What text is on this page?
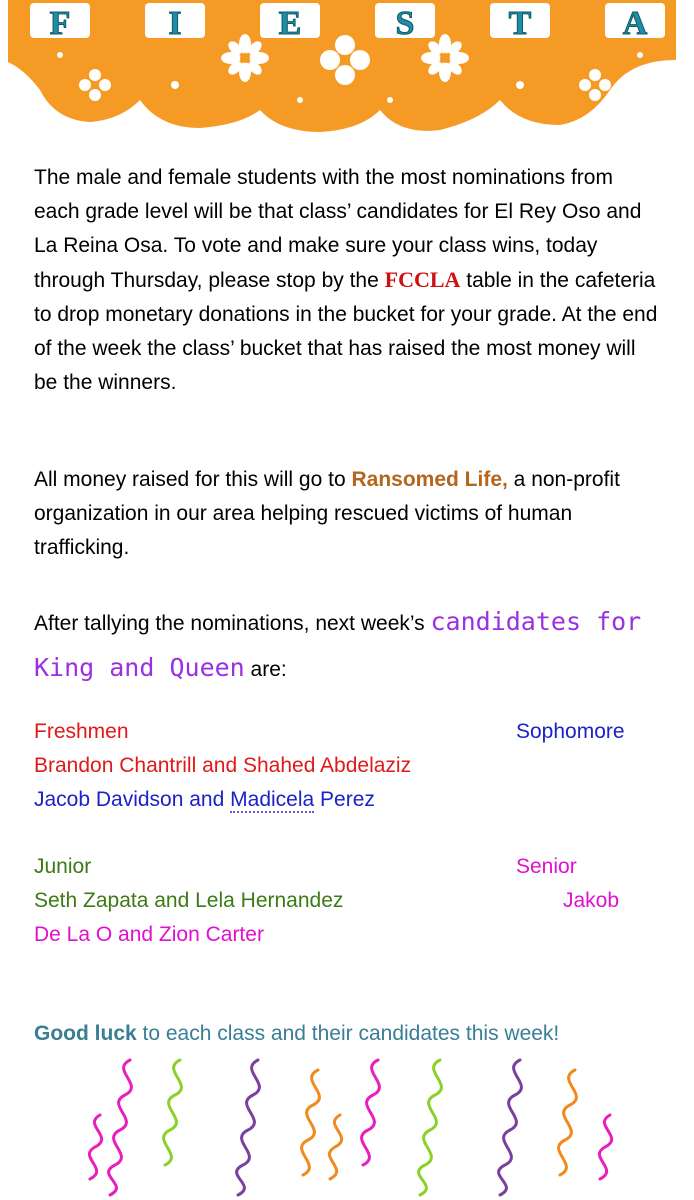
F	I	E	S	T	A

The male and female students with the most nominations from each grade level will be that class’ candidates for El Rey Oso and La Reina Osa. To vote and make sure your class wins, today through Thursday, please stop by the FCCLA table in the cafeteria to drop monetary donations in the bucket for your grade. At the end of the week the class’ bucket that has raised the most money will be the winners.

All money raised for this will go to Ransomed Life, a non-profit organization in our area helping rescued victims of human trafficking.

After tallying the nominations, next week’s candidates for King and Queen are:

Freshmen	Sophomore
Brandon Chantrill and Shahed Abdelaziz
Jacob Davidson and Madicela Perez
Junior	Senior
Seth Zapata and Lela Hernandez	Jakob
De La O and Zion Carter
Good luck to each class and their candidates this week!
